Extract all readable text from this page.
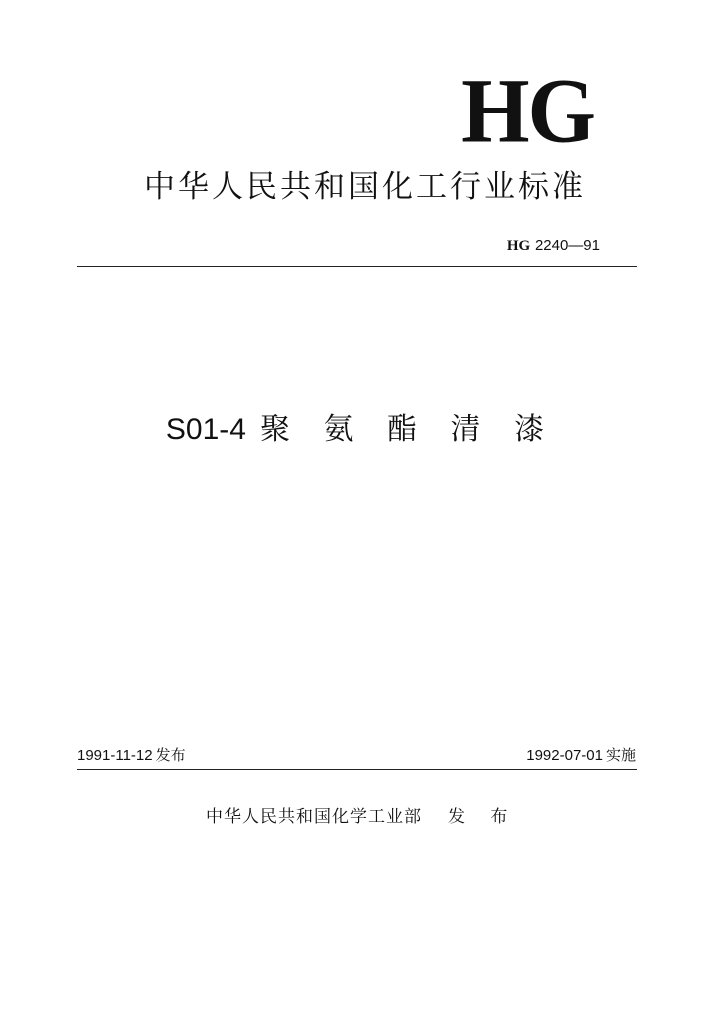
HG
中华人民共和国化工行业标准
HG 2240—91
S01-4 聚 氨 酯 清 漆
1991-11-12 发布	1992-07-01 实施
中华人民共和国化学工业部 发 布
